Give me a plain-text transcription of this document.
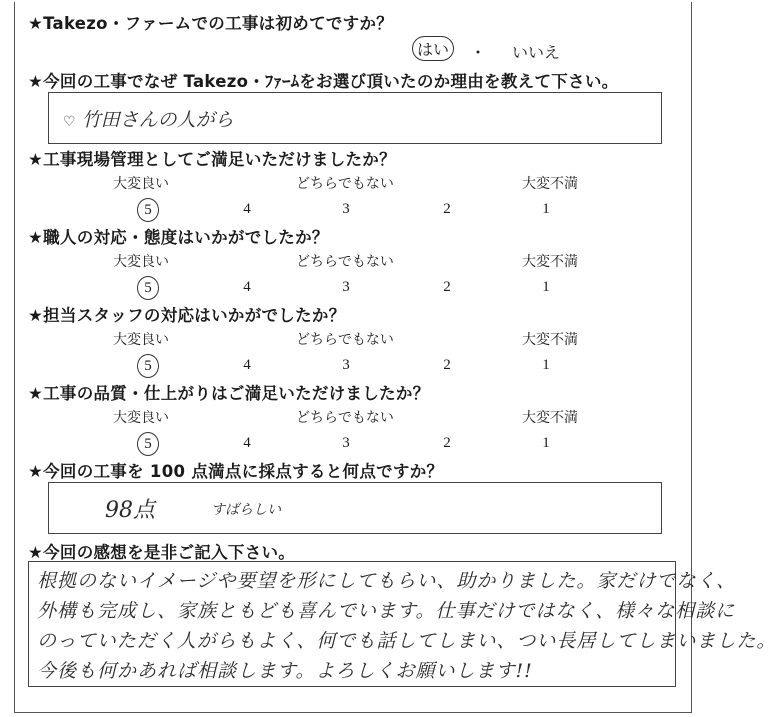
★Takezo・ファームでの工事は初めてですか？
はい	・ いいえ
★今回の工事でなぜ Takezo・ﾌｧｰﾑをお選び頂いたのか理由を教えて下さい。
♡ 竹田さんの人がら
★工事現場管理としてご満足いただけましたか？
大変良い	どちらでもない	大変不満
5	4	3	2	1
★職人の対応・態度はいかがでしたか？
大変良い	どちらでもない	大変不満
5	4	3	2	1
★担当スタッフの対応はいかがでしたか？
大変良い	どちらでもない	大変不満
5	4	3	2	1
★工事の品質・仕上がりはご満足いただけましたか？
大変良い	どちらでもない	大変不満
5	4	3	2	1
★今回の工事を 100 点満点に採点すると何点ですか？
98点	すばらしい
★今回の感想を是非ご記入下さい。
根拠のないイメージや要望を形にしてもらい、助かりました。家だけでなく、
外構も完成し、家族ともども喜んでいます。仕事だけではなく、様々な相談に
のっていただく人がらもよく、何でも話してしまい、つい長居してしまいました。
今後も何かあれば相談します。よろしくお願いします!!
